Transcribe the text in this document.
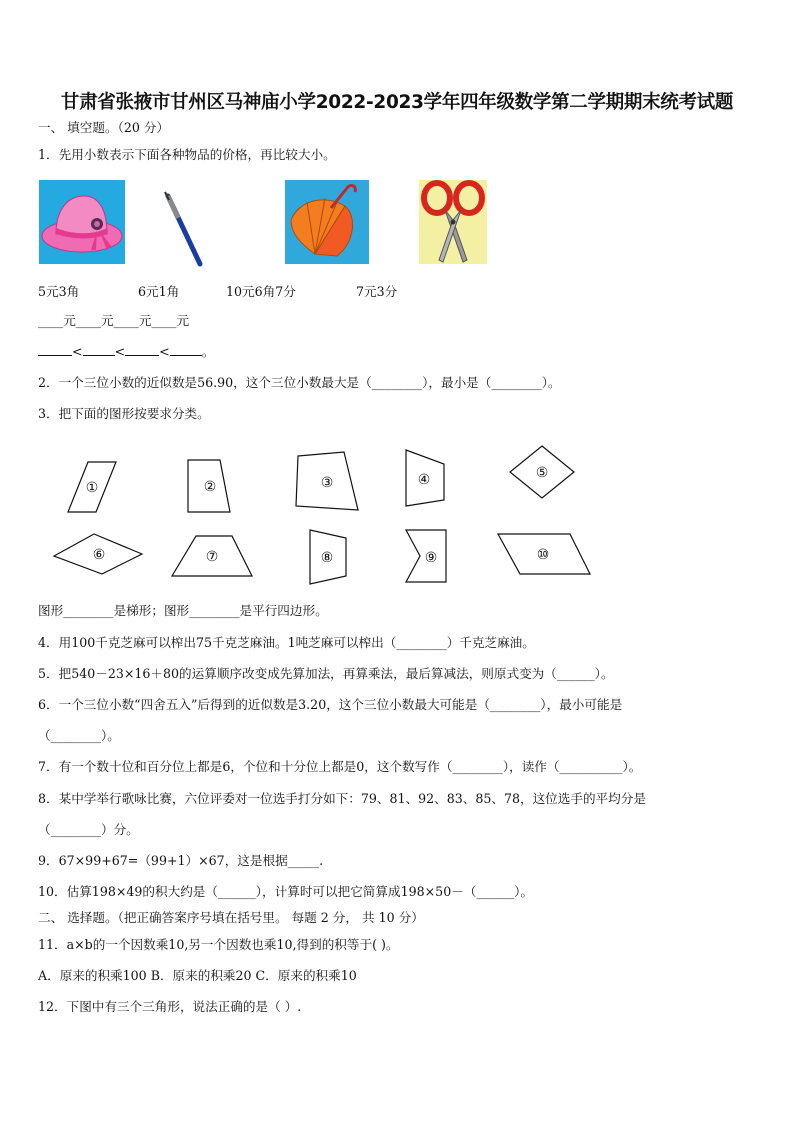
甘肃省张掖市甘州区马神庙小学2022-2023学年四年级数学第二学期期末统考试题
一、 填空题。（20 分）
1．先用小数表示下面各种物品的价格，再比较大小。
5元3角	6元1角	10元6角7分	7元3分
____元____元____元____元
<	<	<	。
2．一个三位小数的近似数是56.90，这个三位小数最大是（________），最小是（________）。
3．把下面的图形按要求分类。
①	②	③	④	⑤
⑥	⑦	⑧	⑨	⑩
图形________是梯形；图形________是平行四边形。
4．用100千克芝麻可以榨出75千克芝麻油。1吨芝麻可以榨出（________）千克芝麻油。
5．把540－23×16＋80的运算顺序改变成先算加法，再算乘法，最后算减法，则原式变为（______）。
6．一个三位小数“四舍五入”后得到的近似数是3.20，这个三位小数最大可能是（________），最小可能是
（________）。
7．有一个数十位和百分位上都是6，个位和十分位上都是0，这个数写作（________），读作（__________）。
8．某中学举行歌咏比赛，六位评委对一位选手打分如下：79、81、92、83、85、78，这位选手的平均分是
（________）分。
9．67×99+67=（99+1）×67，这是根据_____.
10．估算198×49的积大约是（______），计算时可以把它简算成198×50－（______）。
二、 选择题。（把正确答案序号填在括号里。 每题 2 分， 共 10 分）
11．a×b的一个因数乘10,另一个因数也乘10,得到的积等于( )。
A．原来的积乘100 B．原来的积乘20 C．原来的积乘10
12．下图中有三个三角形，说法正确的是（ ）.
